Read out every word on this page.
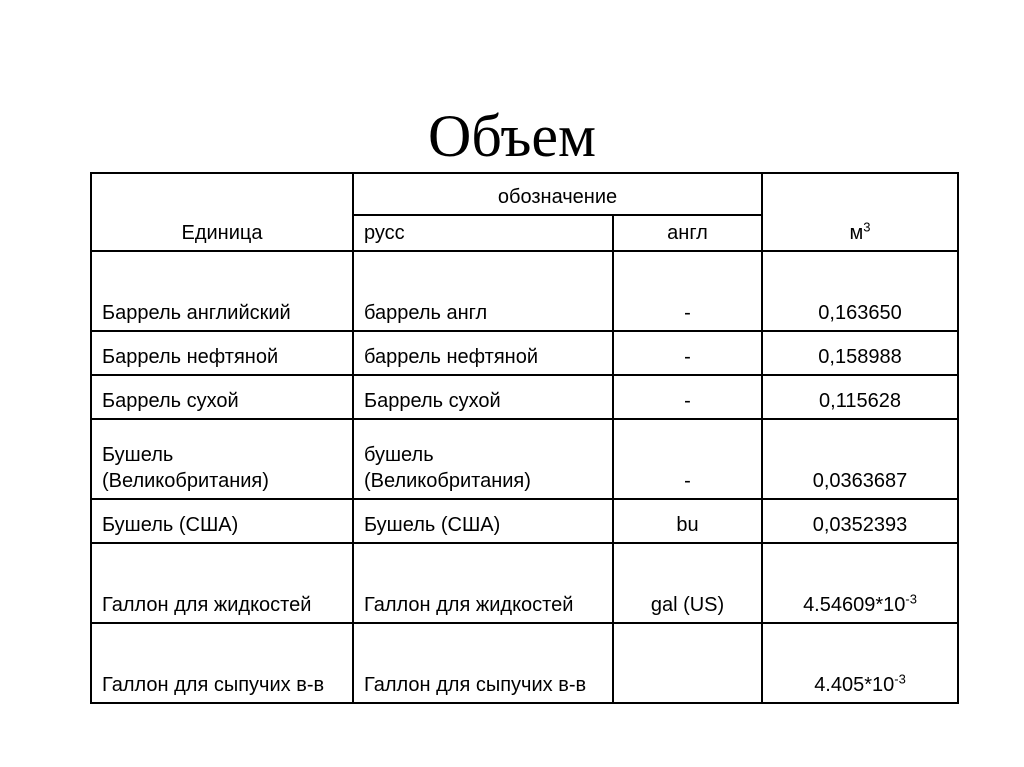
Объем
Единица	обозначение		$м^3$
	русс	англ	
Баррель английский	баррель англ	-	0,163650
Баррель нефтяной	баррель нефтяной	-	0,158988
Баррель сухой	Баррель сухой	-	0,115628
Бушель (Великобритания)	бушель (Великобритания)	-	0,0363687
Бушель (США)	Бушель (США)	bu	0,0352393
Галлон для жидкостей	Галлон для жидкостей	gal (US)	$4.54609*10^{-3}$
Галлон для сыпучих в-в	Галлон для сыпучих в-в		$4.405*10^{-3}$
